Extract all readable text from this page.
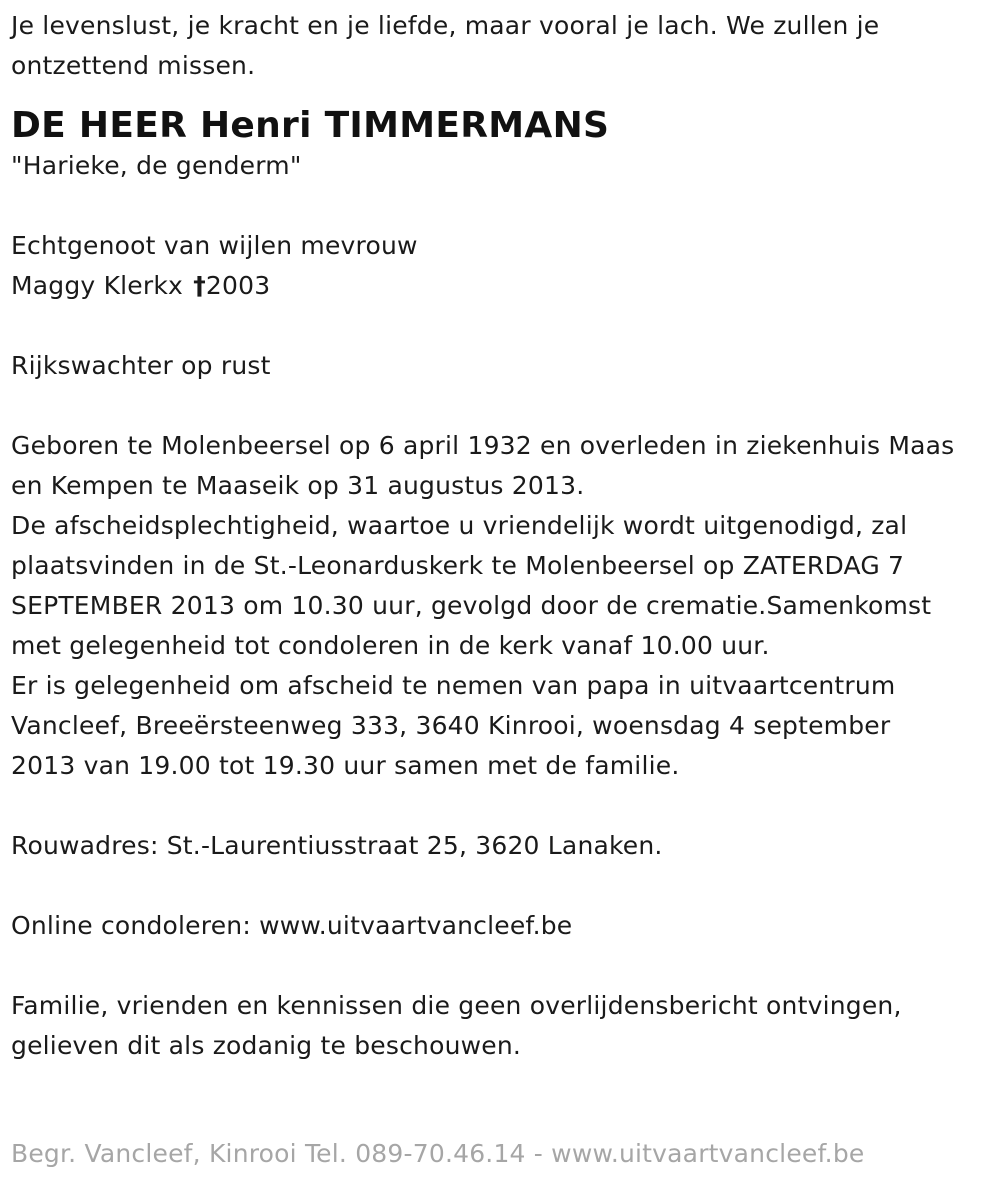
Je levenslust, je kracht en je liefde, maar vooral je lach. We zullen je
ontzettend missen.
DE HEER Henri TIMMERMANS
"Harieke, de genderm"
Echtgenoot van wijlen mevrouw
Maggy Klerkx †2003
Rijkswachter op rust
Geboren te Molenbeersel op 6 april 1932 en overleden in ziekenhuis Maas
en Kempen te Maaseik op 31 augustus 2013.
De afscheidsplechtigheid, waartoe u vriendelijk wordt uitgenodigd, zal
plaatsvinden in de St.-Leonarduskerk te Molenbeersel op ZATERDAG 7
SEPTEMBER 2013 om 10.30 uur, gevolgd door de crematie.Samenkomst
met gelegenheid tot condoleren in de kerk vanaf 10.00 uur.
Er is gelegenheid om afscheid te nemen van papa in uitvaartcentrum
Vancleef, Breeërsteenweg 333, 3640 Kinrooi, woensdag 4 september
2013 van 19.00 tot 19.30 uur samen met de familie.
Rouwadres: St.-Laurentiusstraat 25, 3620 Lanaken.
Online condoleren: www.uitvaartvancleef.be
Familie, vrienden en kennissen die geen overlijdensbericht ontvingen,
gelieven dit als zodanig te beschouwen.
Begr. Vancleef, Kinrooi Tel. 089-70.46.14 - www.uitvaartvancleef.be
